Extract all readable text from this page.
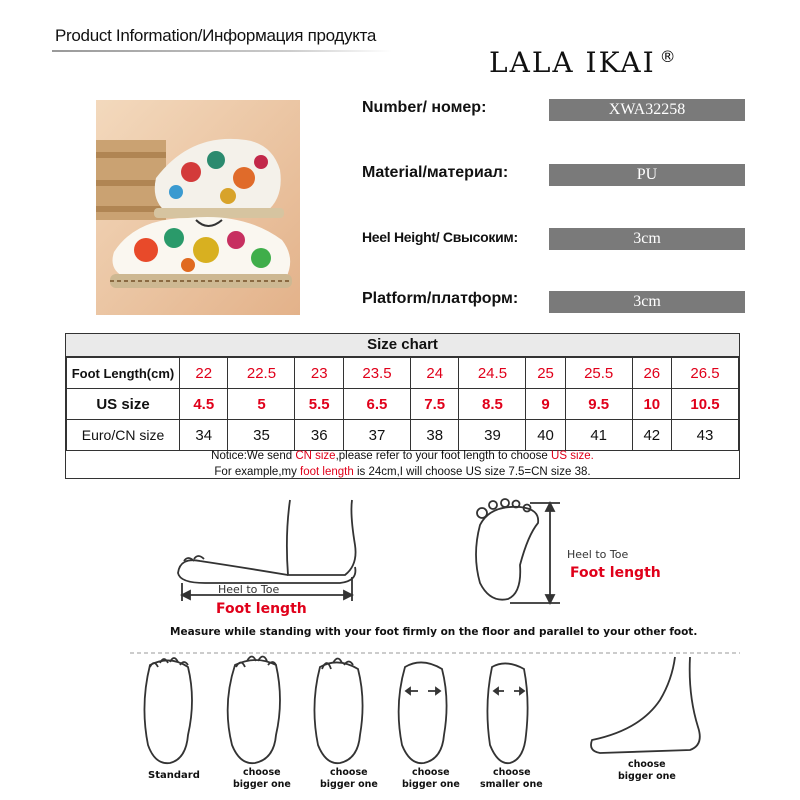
Product Information/Информация продукта
LALA IKAI ®
Number/ номер:	XWA32258
Material/материал:	PU
Heel Height/ Cвысоким:	3cm
Platform/платформ:	3cm
Size chart
Foot Length(cm)	22	22.5	23	23.5	24	24.5	25	25.5	26	26.5
US size	4.5	5	5.5	6.5	7.5	8.5	9	9.5	10	10.5
Euro/CN size	34	35	36	37	38	39	40	41	42	43
Notice:We send CN size,please refer to your foot length to choose US size.
For example,my foot length is 24cm,I will choose US size 7.5=CN size 38.
Heel to Toe
Foot length
Heel to Toe
Foot length
Measure while standing with your foot firmly on the floor and parallel to your other foot.
Standard	choose
bigger one
choose
bigger one
choose
bigger one
choose
smaller one
choose
bigger one
